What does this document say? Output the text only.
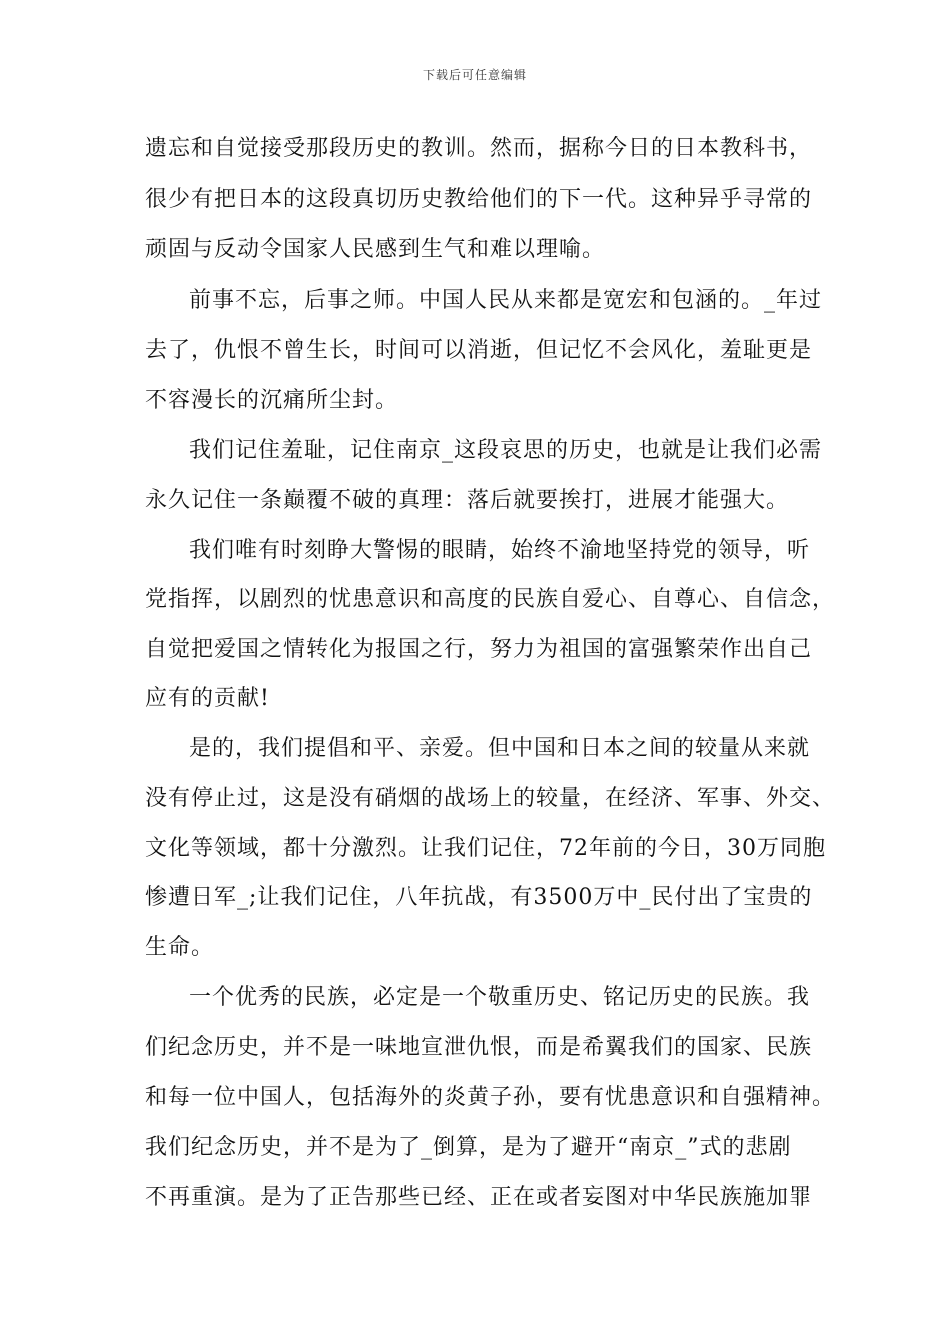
下载后可任意编辑
遗忘和自觉接受那段历史的教训。然而，据称今日的日本教科书，
很少有把日本的这段真切历史教给他们的下一代。这种异乎寻常的
顽固与反动令国家人民感到生气和难以理喻。
前事不忘，后事之师。中国人民从来都是宽宏和包涵的。_年过
去了，仇恨不曾生长，时间可以消逝，但记忆不会风化，羞耻更是
不容漫长的沉痛所尘封。
我们记住羞耻，记住南京_这段哀思的历史，也就是让我们必需
永久记住一条巅覆不破的真理：落后就要挨打，进展才能强大。
我们唯有时刻睁大警惕的眼睛，始终不渝地坚持党的领导，听
党指挥，以剧烈的忧患意识和高度的民族自爱心、自尊心、自信念，
自觉把爱国之情转化为报国之行，努力为祖国的富强繁荣作出自己
应有的贡献!
是的，我们提倡和平、亲爱。但中国和日本之间的较量从来就
没有停止过，这是没有硝烟的战场上的较量，在经济、军事、外交、
文化等领域，都十分激烈。让我们记住，72年前的今日，30万同胞
惨遭日军_;让我们记住，八年抗战，有3500万中_民付出了宝贵的
生命。
一个优秀的民族，必定是一个敬重历史、铭记历史的民族。我
们纪念历史，并不是一味地宣泄仇恨，而是希翼我们的国家、民族
和每一位中国人，包括海外的炎黄子孙，要有忧患意识和自强精神。
我们纪念历史，并不是为了_倒算，是为了避开“南京_”式的悲剧
不再重演。是为了正告那些已经、正在或者妄图对中华民族施加罪
